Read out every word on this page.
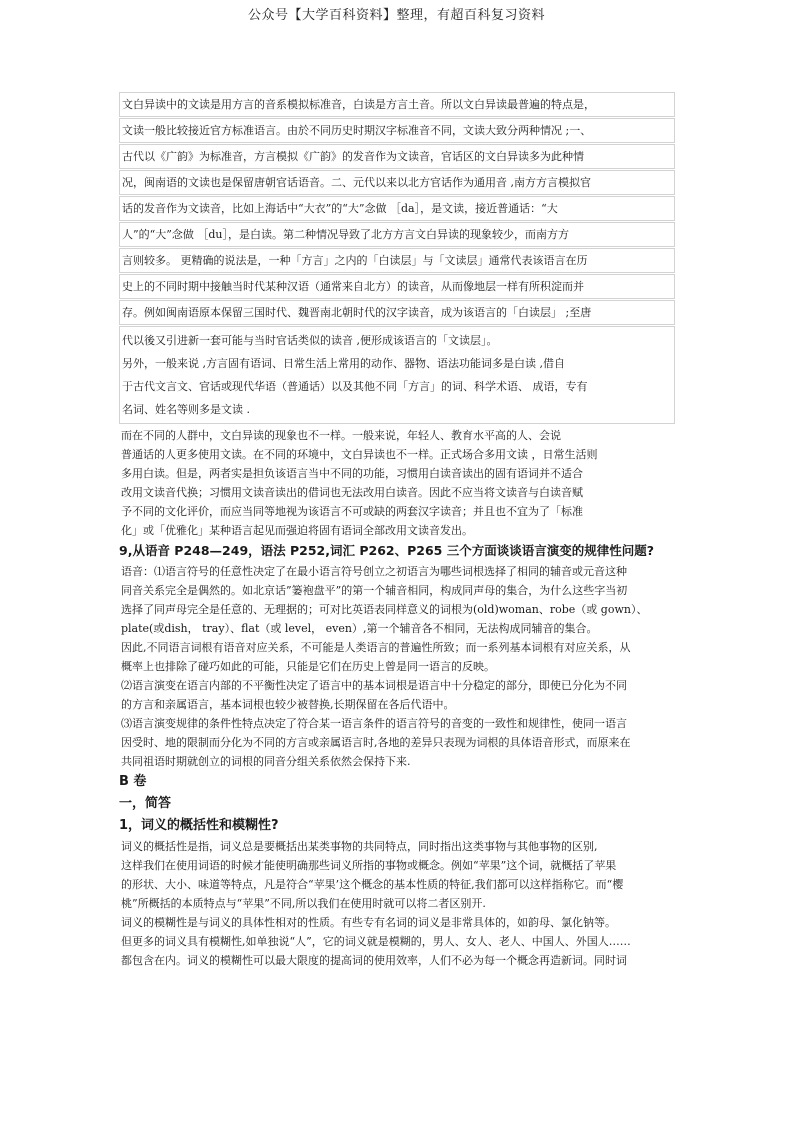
公众号【大学百科资料】整理，有超百科复习资料
文白异读中的文读是用方言的音系模拟标准音，白读是方言土音。所以文白异读最普遍的特点是，
文读一般比较接近官方标准语言。由於不同历史时期汉字标准音不同，文读大致分两种情况 ;一、
古代以《广韵》为标准音，方言模拟《广韵》的发音作为文读音，官话区的文白异读多为此种情
况，闽南语的文读也是保留唐朝官话语音。二、元代以来以北方官话作为通用音 ,南方方言模拟官
话的发音作为文读音，比如上海话中“大衣”的“大”念做 ［da］，是文读，接近普通话：“大
人”的“大”念做 ［du］，是白读。第二种情况导致了北方方言文白异读的现象较少，而南方方
言则较多。 更精确的说法是，一种「方言」之内的「白读层」与「文读层」通常代表该语言在历
史上的不同时期中接触当时代某种汉语（通常来自北方）的读音，从而像地层一样有所积淀而并
存。例如闽南语原本保留三国时代、魏晋南北朝时代的汉字读音，成为该语言的「白读层」 ;至唐
代以後又引进新一套可能与当时官话类似的读音 ,便形成该语言的「文读层」。
另外，一般来说 ,方言固有语词、日常生活上常用的动作、器物、语法功能词多是白读 ,借自
于古代文言文、官话或现代华语（普通话）以及其他不同「方言」的词、科学术语、 成语，专有
名词、姓名等则多是文读 .
而在不同的人群中，文白异读的现象也不一样。一般来说，年轻人、教育水平高的人、会说
普通话的人更多使用文读。在不同的环境中，文白异读也不一样。正式场合多用文读 ，日常生活则
多用白读。但是，两者实是担负该语言当中不同的功能，习惯用白读音读出的固有语词并不适合
改用文读音代换；习惯用文读音读出的借词也无法改用白读音。因此不应当将文读音与白读音赋
予不同的文化评价，而应当同等地视为该语言不可或缺的两套汉字读音；并且也不宜为了「标准
化」或「优雅化」某种语言起见而强迫将固有语词全部改用文读音发出。
9,从语音 P248—249，语法 P252,词汇 P262、P265 三个方面谈谈语言演变的规律性问题?
语音：⑴语言符号的任意性决定了在最小语言符号创立之初语言为哪些词根选择了相同的辅音或元音这种
同音关系完全是偶然的。如北京话”篓袍盘平”的第一个辅音相同，构成同声母的集合，为什么这些字当初
选择了同声母完全是任意的、无理据的；可对比英语表同样意义的词根为(old)woman、robe（或 gown）、
plate(或dish， tray）、flat（或 level， even）,第一个辅音各不相同，无法构成同辅音的集合。
因此,不同语言词根有语音对应关系，不可能是人类语言的普遍性所致；而一系列基本词根有对应关系，从
概率上也排除了碰巧如此的可能，只能是它们在历史上曾是同一语言的反映。
⑵语言演变在语言内部的不平衡性决定了语言中的基本词根是语言中十分稳定的部分，即使已分化为不同
的方言和亲属语言，基本词根也较少被替换,长期保留在各后代语中。
⑶语言演变规律的条件性特点决定了符合某一语言条件的语言符号的音变的一致性和规律性，使同一语言
因受时、地的限制而分化为不同的方言或亲属语言时,各地的差异只表现为词根的具体语音形式，而原来在
共同祖语时期就创立的词根的同音分组关系依然会保持下来.
B 卷
一，简答
1，词义的概括性和模糊性?
词义的概括性是指，词义总是要概括出某类事物的共同特点，同时指出这类事物与其他事物的区别,
这样我们在使用词语的时候才能使明确那些词义所指的事物或概念。例如“苹果”这个词，就概括了苹果
的形状、大小、味道等特点，凡是符合“苹果’这个概念的基本性质的特征,我们都可以这样指称它。而“樱
桃”所概括的本质特点与“苹果”不同,所以我们在使用时就可以将二者区别开.
词义的模糊性是与词义的具体性相对的性质。有些专有名词的词义是非常具体的，如韵母、氯化钠等。
但更多的词义具有模糊性,如单独说“人”，它的词义就是模糊的，男人、女人、老人、中国人、外国人……
都包含在内。词义的模糊性可以最大限度的提高词的使用效率，人们不必为每一个概念再造新词。同时词
